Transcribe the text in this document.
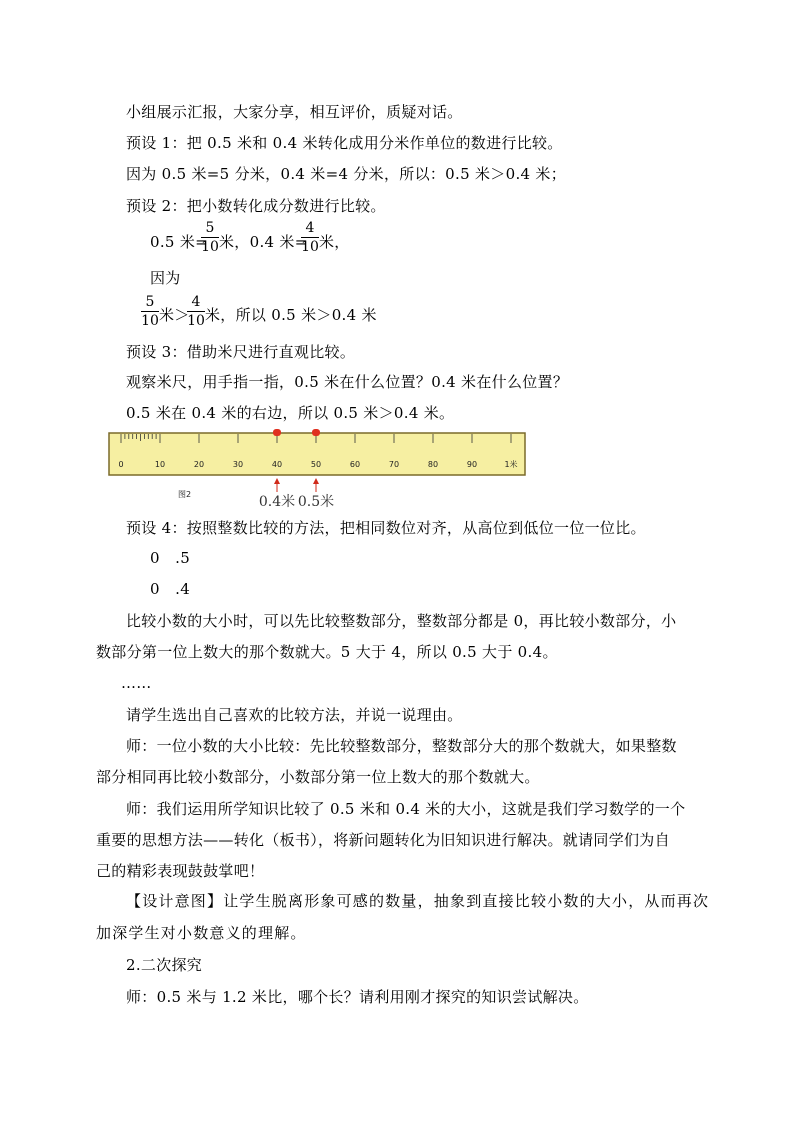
小组展示汇报，大家分享，相互评价，质疑对话。
预设 1：把 0.5 米和 0.4 米转化成用分米作单位的数进行比较。
因为 0.5 米=5 分米，0.4 米=4 分米，所以：0.5 米＞0.4 米；
预设 2：把小数转化成分数进行比较。
0.5 米=
5
10 米，0.4 米=
4
10 米，
因为
5
10 米＞
4
10 米，所以 0.5 米＞0.4 米
预设 3：借助米尺进行直观比较。
观察米尺，用手指一指，0.5 米在什么位置？0.4 米在什么位置？
0.5 米在 0.4 米的右边，所以 0.5 米＞0.4 米。
0	10	20	30	40	50	60	70	80	90	1米
图2	0.4米 0.5米
预设 4：按照整数比较的方法，把相同数位对齐，从高位到低位一位一位比。
0　.5
0　.4
比较小数的大小时，可以先比较整数部分，整数部分都是 0，再比较小数部分，小
数部分第一位上数大的那个数就大。5 大于 4，所以 0.5 大于 0.4。
……
请学生选出自己喜欢的比较方法，并说一说理由。
师：一位小数的大小比较：先比较整数部分，整数部分大的那个数就大，如果整数
部分相同再比较小数部分，小数部分第一位上数大的那个数就大。
师：我们运用所学知识比较了 0.5 米和 0.4 米的大小，这就是我们学习数学的一个
重要的思想方法——转化（板书），将新问题转化为旧知识进行解决。就请同学们为自
己的精彩表现鼓鼓掌吧！
【设计意图】让学生脱离形象可感的数量，抽象到直接比较小数的大小，从而再次
加深学生对小数意义的理解。
2.二次探究
师：0.5 米与 1.2 米比，哪个长？请利用刚才探究的知识尝试解决。
